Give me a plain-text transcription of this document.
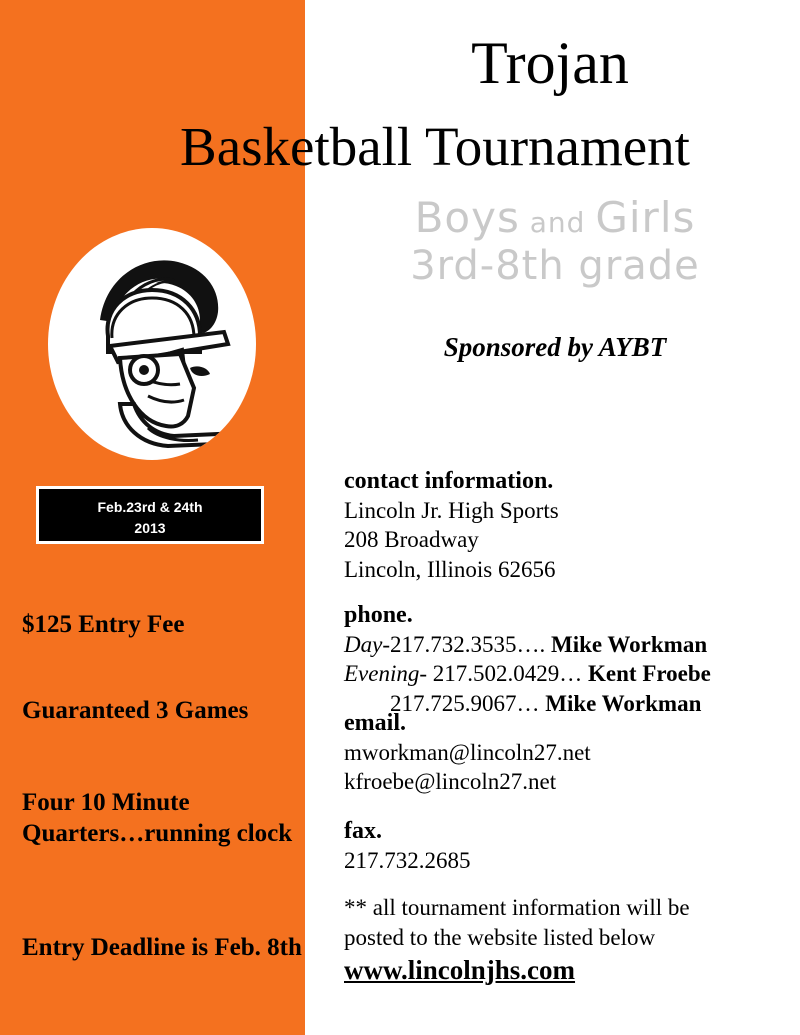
Trojan
Basketball Tournament
Boys and Girls
3rd-8th grade
Sponsored by AYBT
Feb.23rd & 24th
2013
$125 Entry Fee
Guaranteed 3 Games
Four 10 Minute Quarters…running clock
Entry Deadline is Feb. 8th
contact information.
Lincoln Jr. High Sports
208 Broadway
Lincoln, Illinois 62656
phone.
Day-217.732.3535…. Mike Workman
Evening- 217.502.0429… Kent Froebe
217.725.9067… Mike Workman
email.
mworkman@lincoln27.net
kfroebe@lincoln27.net
fax.
217.732.2685
** all tournament information will be
posted to the website listed below
www.lincolnjhs.com
